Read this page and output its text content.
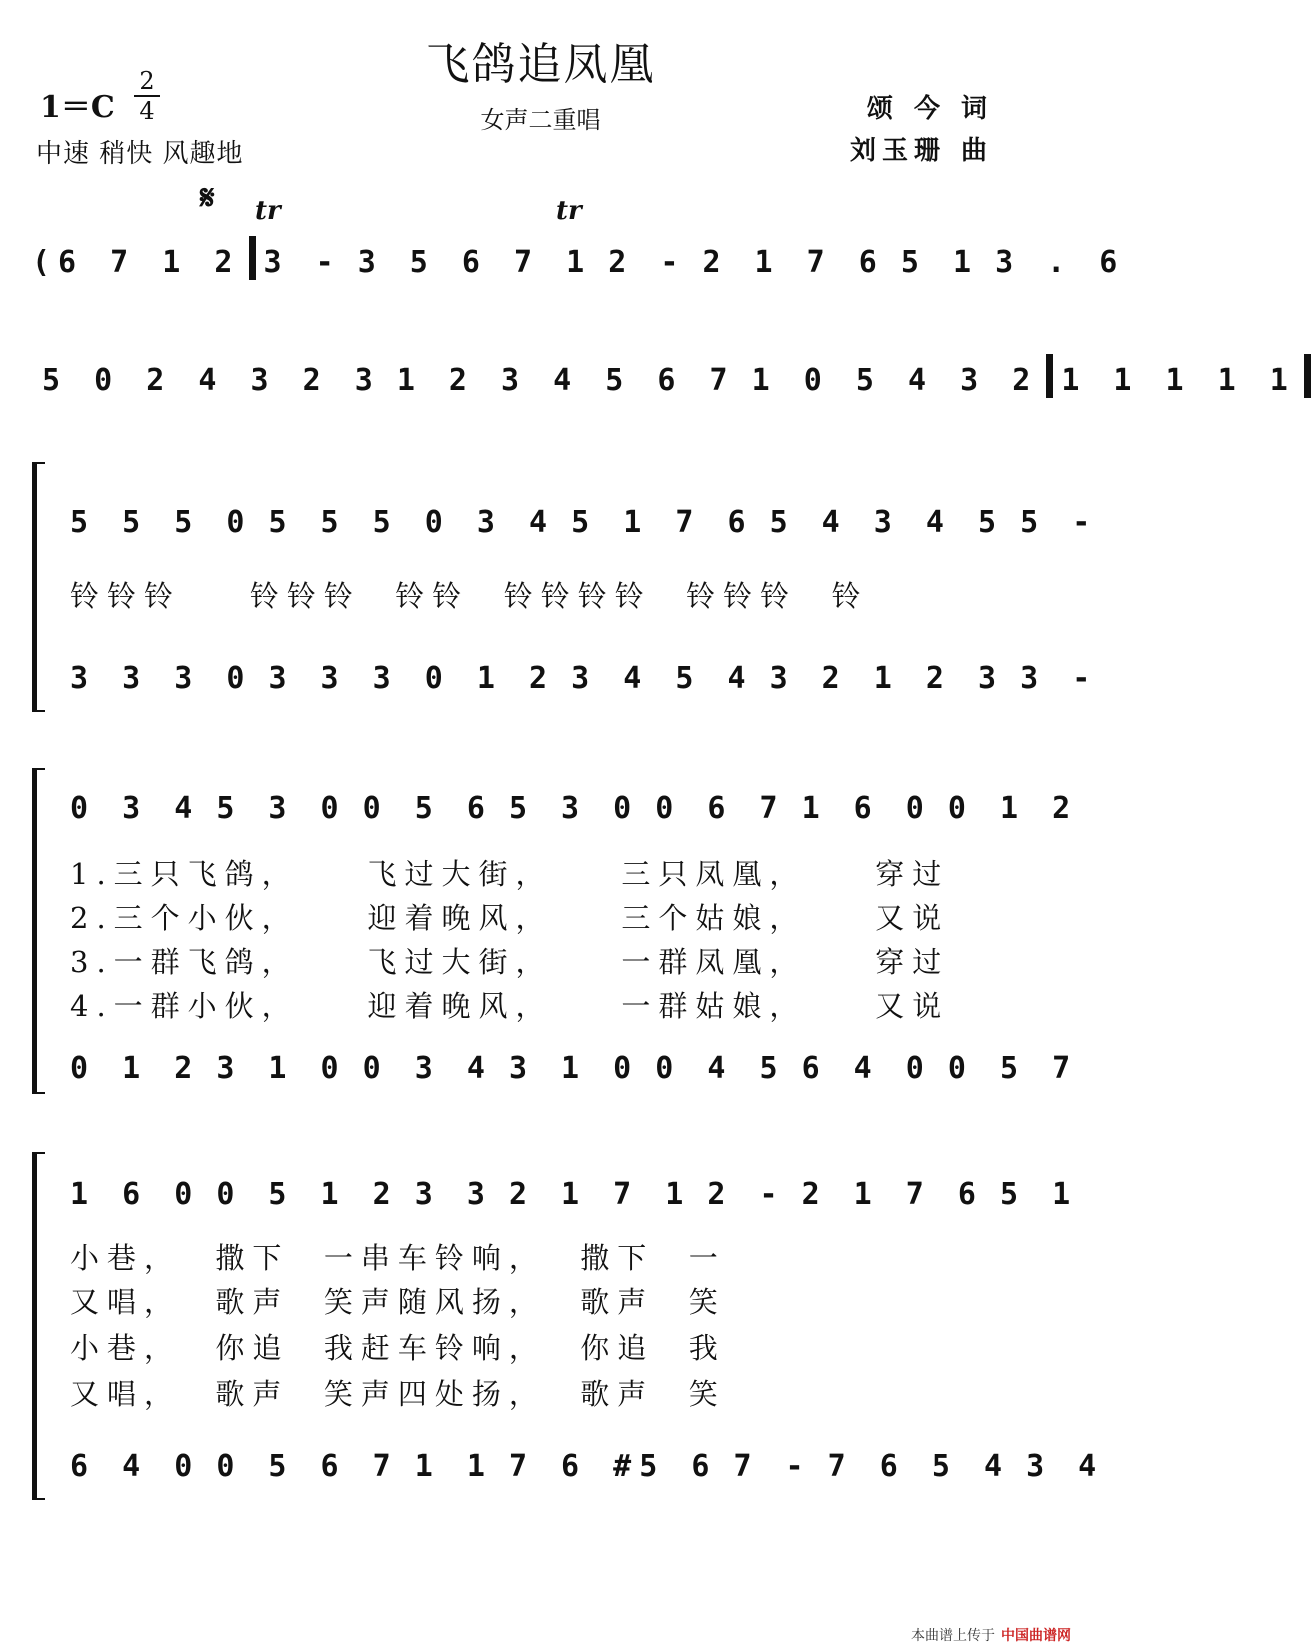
飞鸽追凤凰
女声二重唱
1＝C
2
4
中速 稍快 风趣地
颂 今 词
刘玉珊 曲
𝄋 tr	tr
(6 7 1 2 3 - 3 5 6 7 1 2 - 2 1 7 6 5 1 3 . 6
5 0 2 4 3 2 3 1 2 3 4 5 6 7 1 0 5 4 3 2 1 1 1 1 1
5 5 5 0 5 5 5 0 3 4 5 1 7 6 5 4 3 4 5 5 -
铃铃铃    铃铃铃  铃铃  铃铃铃铃  铃铃铃  铃
3 3 3 0 3 3 3 0 1 2 3 4 5 4 3 2 1 2 3 3 -
0 3 4 5 3 0 0 5 6 5 3 0 0 6 7 1 6 0 0 1 2
1.三只飞鸽，    飞过大街，    三只凤凰，    穿过
2.三个小伙，    迎着晚风，    三个姑娘，    又说
3.一群飞鸽，    飞过大街，    一群凤凰，    穿过
4.一群小伙，    迎着晚风，    一群姑娘，    又说
0 1 2 3 1 0 0 3 4 3 1 0 0 4 5 6 4 0 0 5 7
1 6 0 0 5 1 2 3 3 2 1 7 1 2 - 2 1 7 6 5 1
小巷，  撒下  一串车铃响，  撒下  一
又唱，  歌声  笑声随风扬，  歌声  笑
小巷，  你追  我赶车铃响，  你追  我
又唱，  歌声  笑声四处扬，  歌声  笑
6 4 0 0 5 6 7 1 1 7 6 #5 6 7 - 7 6 5 4 3 4
本曲谱上传于 中国曲谱网
